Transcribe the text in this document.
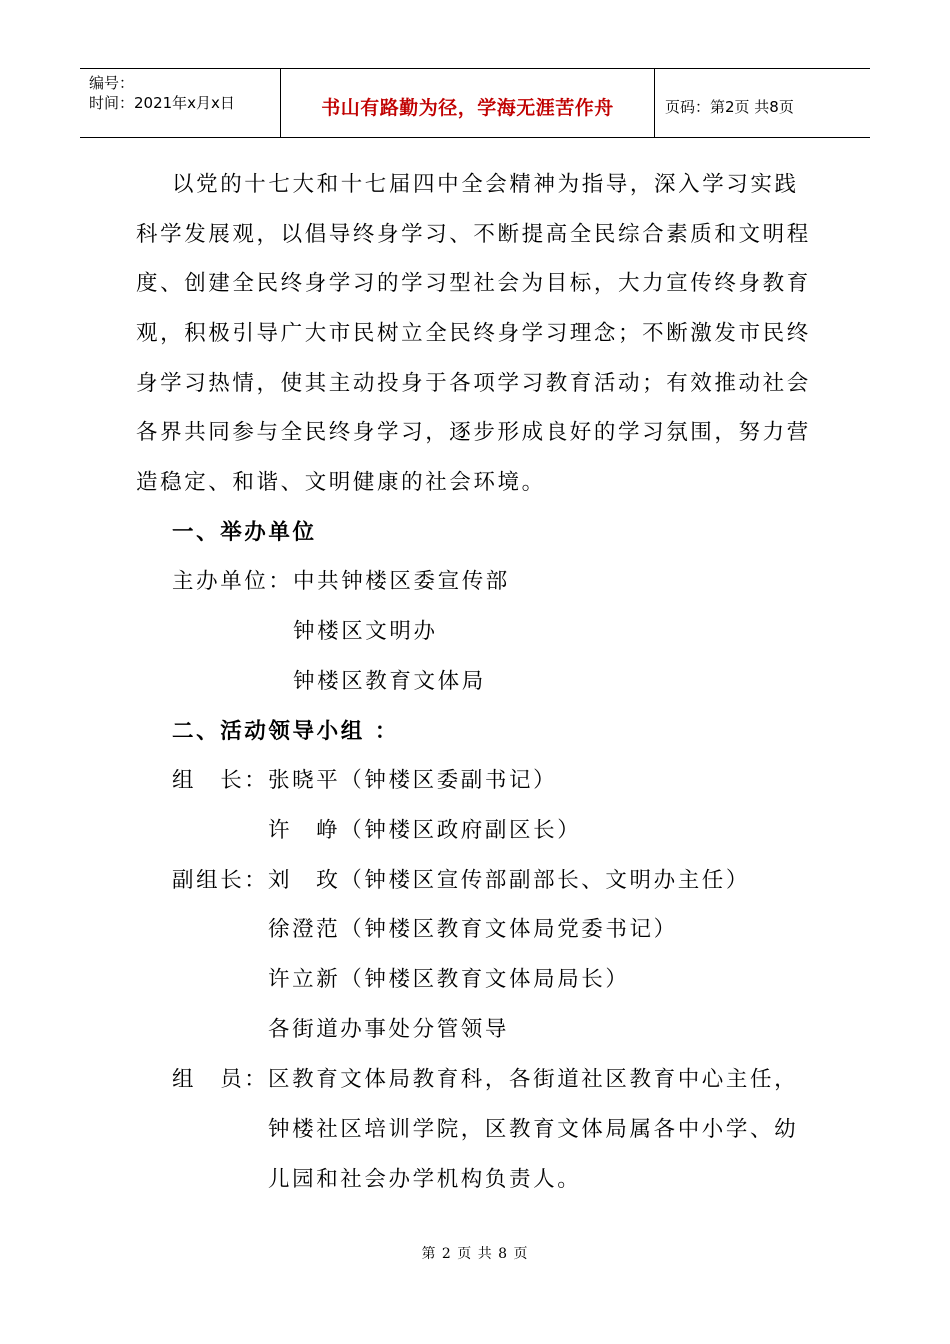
编号：
时间：2021年x月x日	书山有路勤为径，学海无涯苦作舟	页码：第2页 共8页
以党的十七大和十七届四中全会精神为指导，深入学习实践
科学发展观，以倡导终身学习、不断提高全民综合素质和文明程
度、创建全民终身学习的学习型社会为目标，大力宣传终身教育
观，积极引导广大市民树立全民终身学习理念；不断激发市民终
身学习热情，使其主动投身于各项学习教育活动；有效推动社会
各界共同参与全民终身学习，逐步形成良好的学习氛围，努力营
造稳定、和谐、文明健康的社会环境。
一、举办单位
主办单位： 中共钟楼区委宣传部
钟楼区文明办
钟楼区教育文体局
二、活动领导小组 ：
组　长： 张晓平（钟楼区委副书记）
许　峥（钟楼区政府副区长）
副组长： 刘　玫（钟楼区宣传部副部长、文明办主任）
徐澄范（钟楼区教育文体局党委书记）
许立新（钟楼区教育文体局局长）
各街道办事处分管领导
组　员： 区教育文体局教育科，各街道社区教育中心主任，
钟楼社区培训学院，区教育文体局属各中小学、幼
儿园和社会办学机构负责人。
第 2 页 共 8 页
